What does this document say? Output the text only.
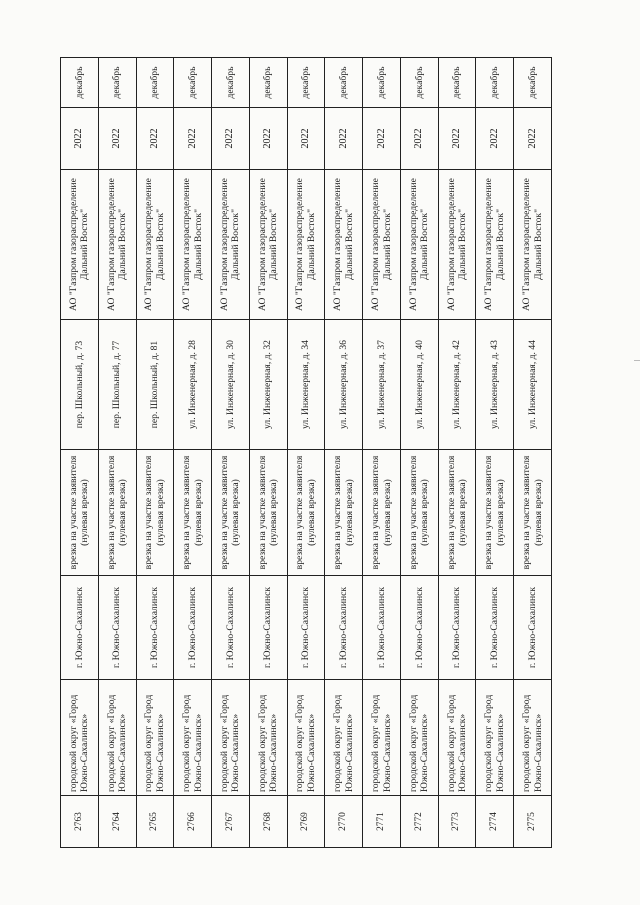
2763	городской округ «Город Южно-Сахалинск»	г. Южно-Сахалинск	врезка на участке заявителя (нулевая врезка)	пер. Школьный, д. 73	АО "Газпром газораспределение Дальний Восток"	2022	декабрь
2764	городской округ «Город Южно-Сахалинск»	г. Южно-Сахалинск	врезка на участке заявителя (нулевая врезка)	пер. Школьный, д. 77	АО "Газпром газораспределение Дальний Восток"	2022	декабрь
2765	городской округ «Город Южно-Сахалинск»	г. Южно-Сахалинск	врезка на участке заявителя (нулевая врезка)	пер. Школьный, д. 81	АО "Газпром газораспределение Дальний Восток"	2022	декабрь
2766	городской округ «Город Южно-Сахалинск»	г. Южно-Сахалинск	врезка на участке заявителя (нулевая врезка)	ул. Инженерная, д. 28	АО "Газпром газораспределение Дальний Восток"	2022	декабрь
2767	городской округ «Город Южно-Сахалинск»	г. Южно-Сахалинск	врезка на участке заявителя (нулевая врезка)	ул. Инженерная, д. 30	АО "Газпром газораспределение Дальний Восток"	2022	декабрь
2768	городской округ «Город Южно-Сахалинск»	г. Южно-Сахалинск	врезка на участке заявителя (нулевая врезка)	ул. Инженерная, д. 32	АО "Газпром газораспределение Дальний Восток"	2022	декабрь
2769	городской округ «Город Южно-Сахалинск»	г. Южно-Сахалинск	врезка на участке заявителя (нулевая врезка)	ул. Инженерная, д. 34	АО "Газпром газораспределение Дальний Восток"	2022	декабрь
2770	городской округ «Город Южно-Сахалинск»	г. Южно-Сахалинск	врезка на участке заявителя (нулевая врезка)	ул. Инженерная, д. 36	АО "Газпром газораспределение Дальний Восток"	2022	декабрь
2771	городской округ «Город Южно-Сахалинск»	г. Южно-Сахалинск	врезка на участке заявителя (нулевая врезка)	ул. Инженерная, д. 37	АО "Газпром газораспределение Дальний Восток"	2022	декабрь
2772	городской округ «Город Южно-Сахалинск»	г. Южно-Сахалинск	врезка на участке заявителя (нулевая врезка)	ул. Инженерная, д. 40	АО "Газпром газораспределение Дальний Восток"	2022	декабрь
2773	городской округ «Город Южно-Сахалинск»	г. Южно-Сахалинск	врезка на участке заявителя (нулевая врезка)	ул. Инженерная, д. 42	АО "Газпром газораспределение Дальний Восток"	2022	декабрь
2774	городской округ «Город Южно-Сахалинск»	г. Южно-Сахалинск	врезка на участке заявителя (нулевая врезка)	ул. Инженерная, д. 43	АО "Газпром газораспределение Дальний Восток"	2022	декабрь
2775	городской округ «Город Южно-Сахалинск»	г. Южно-Сахалинск	врезка на участке заявителя (нулевая врезка)	ул. Инженерная, д. 44	АО "Газпром газораспределение Дальний Восток"	2022	декабрь
